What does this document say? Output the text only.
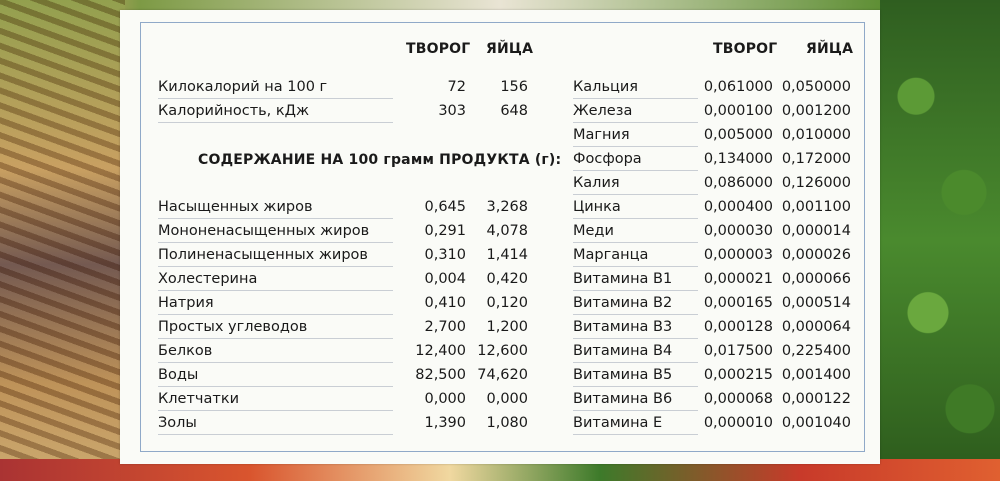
ТВОРОГ ЯЙЦА	ТВОРОГ ЯЙЦА
Килокалорий на 100 г	72 156
Калорийность, кДж	303 648
СОДЕРЖАНИЕ НА 100 грамм ПРОДУКТА (г):
Насыщенных жиров	0,645 3,268
Мононенасыщенных жиров	0,291 4,078
Полиненасыщенных жиров	0,310 1,414
Холестерина	0,004 0,420
Натрия	0,410 0,120
Простых углеводов	2,700 1,200
Белков	12,400 12,600
Воды	82,500 74,620
Клетчатки	0,000 0,000
Золы	1,390 1,080
Кальция	0,061000 0,050000
Железа	0,000100 0,001200
Магния	0,005000 0,010000
Фосфора	0,134000 0,172000
Калия	0,086000 0,126000
Цинка	0,000400 0,001100
Меди	0,000030 0,000014
Марганца	0,000003 0,000026
Витамина В1 0,000021 0,000066
Витамина В2 0,000165 0,000514
Витамина В3 0,000128 0,000064
Витамина В4 0,017500 0,225400
Витамина В5 0,000215 0,001400
Витамина В6 0,000068 0,000122
Витамина Е	0,000010 0,001040
